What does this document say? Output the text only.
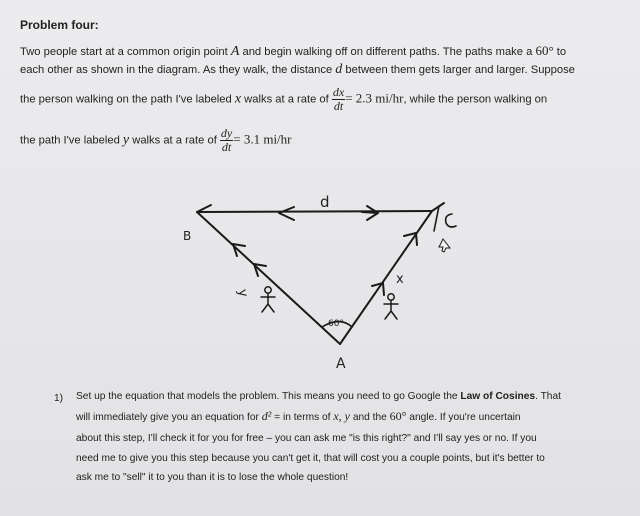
Problem four:
Two people start at a common origin point A and begin walking off on different paths. The paths make a 60° to
each other as shown in the diagram. As they walk, the distance d between them gets larger and larger. Suppose
the person walking on the path I've labeled x walks at a rate of $\frac{dx}{dt} = 2.3$ mi/hr, while the person walking on
the path I've labeled y walks at a rate of $\frac{dy}{dt} = 3.1$ mi/hr
d
B
A
x
y
60°
1) Set up the equation that models the problem. This means you need to go Google the Law of Cosines. That
will immediately give you an equation for d² = in terms of x, y and the 60° angle. If you're uncertain
about this step, I'll check it for you for free – you can ask me "is this right?" and I'll say yes or no. If you
need me to give you this step because you can't get it, that will cost you a couple points, but it's better to
ask me to "sell" it to you than it is to lose the whole question!
